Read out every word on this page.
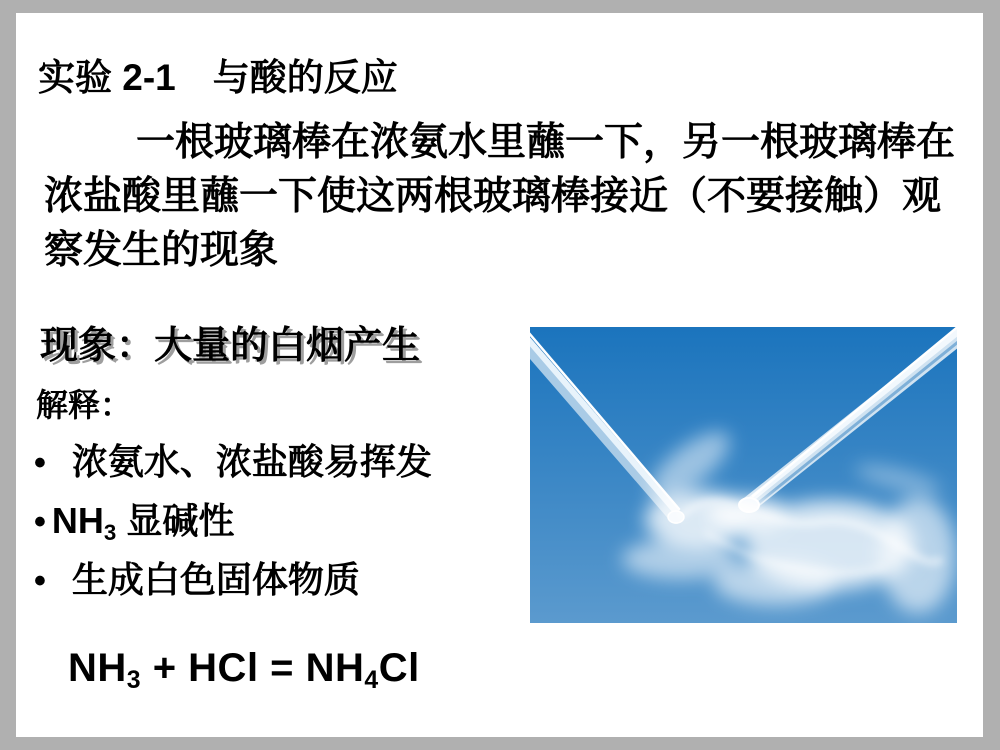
实验 2-1　与酸的反应
一根玻璃棒在浓氨水里蘸一下，另一根玻璃棒在
浓盐酸里蘸一下使这两根玻璃棒接近（不要接触）观
察发生的现象
现象：大量的白烟产生
解释：
• 浓氨水、浓盐酸易挥发
• NH3 显碱性
• 生成白色固体物质
NH3 + HCl = NH4Cl
